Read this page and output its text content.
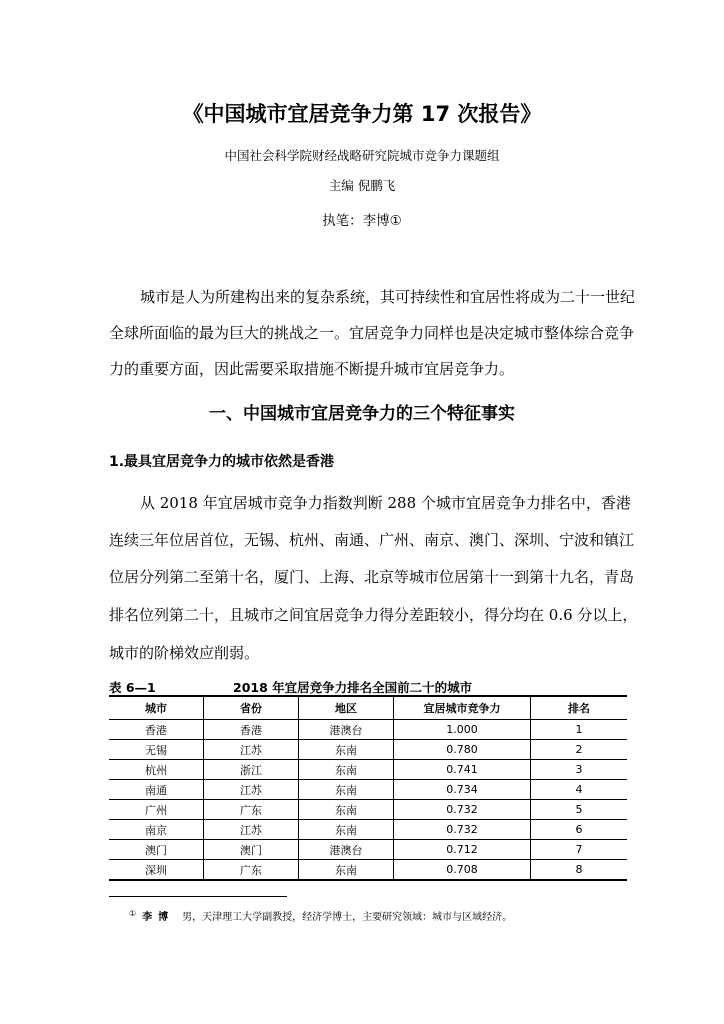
《中国城市宜居竞争力第 17 次报告》
中国社会科学院财经战略研究院城市竞争力课题组
主编 倪鹏飞
执笔：李博①
城市是人为所建构出来的复杂系统，其可持续性和宜居性将成为二十一世纪
全球所面临的最为巨大的挑战之一。宜居竞争力同样也是决定城市整体综合竞争
力的重要方面，因此需要采取措施不断提升城市宜居竞争力。
一、中国城市宜居竞争力的三个特征事实
1.最具宜居竞争力的城市依然是香港
从 2018 年宜居城市竞争力指数判断 288 个城市宜居竞争力排名中，香港
连续三年位居首位，无锡、杭州、南通、广州、南京、澳门、深圳、宁波和镇江
位居分列第二至第十名，厦门、上海、北京等城市位居第十一到第十九名，青岛
排名位列第二十，且城市之间宜居竞争力得分差距较小，得分均在 0.6 分以上，
城市的阶梯效应削弱。
表 6—1	2018 年宜居竞争力排名全国前二十的城市
城市	省份	地区	宜居城市竞争力	排名
香港	香港	港澳台	1.000	1
无锡	江苏	东南	0.780	2
杭州	浙江	东南	0.741	3
南通	江苏	东南	0.734	4
广州	广东	东南	0.732	5
南京	江苏	东南	0.732	6
澳门	澳门	港澳台	0.712	7
深圳	广东	东南	0.708	8
① 李博 男，天津理工大学副教授，经济学博士，主要研究领域：城市与区域经济。
